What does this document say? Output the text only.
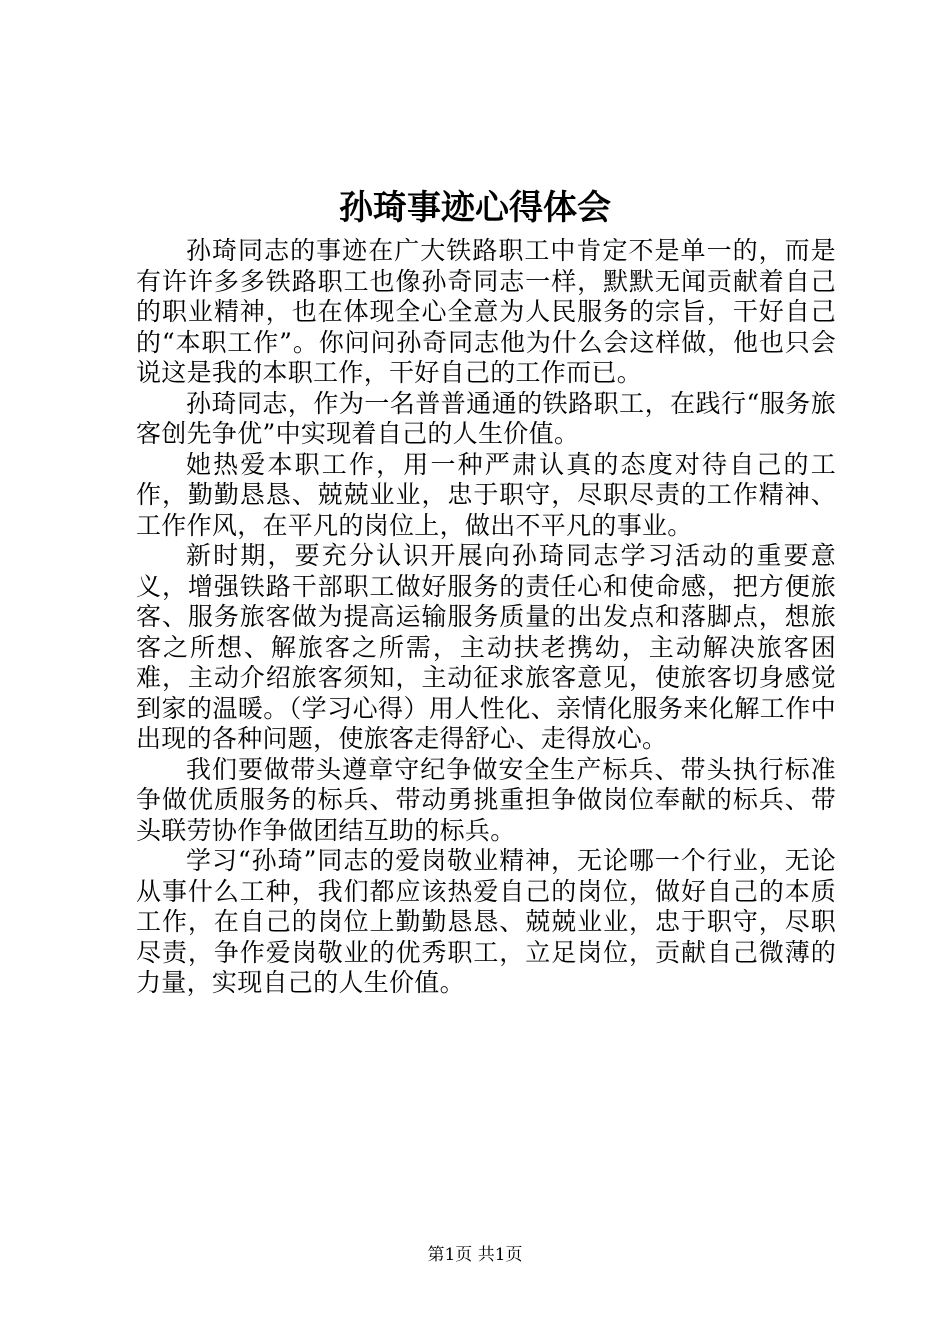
孙琦事迹心得体会

孙琦同志的事迹在广大铁路职工中肯定不是单一的，而是有许许多多铁路职工也像孙奇同志一样，默默无闻贡献着自己的职业精神，也在体现全心全意为人民服务的宗旨，干好自己的“本职工作”。你问问孙奇同志他为什么会这样做，他也只会说这是我的本职工作，干好自己的工作而已。

孙琦同志，作为一名普普通通的铁路职工，在践行“服务旅客创先争优”中实现着自己的人生价值。

她热爱本职工作，用一种严肃认真的态度对待自己的工作，勤勤恳恳、兢兢业业，忠于职守，尽职尽责的工作精神、工作作风，在平凡的岗位上，做出不平凡的事业。

新时期，要充分认识开展向孙琦同志学习活动的重要意义，增强铁路干部职工做好服务的责任心和使命感，把方便旅客、服务旅客做为提高运输服务质量的出发点和落脚点，想旅客之所想、解旅客之所需，主动扶老携幼，主动解决旅客困难，主动介绍旅客须知，主动征求旅客意见，使旅客切身感觉到家的温暖。（学习心得）用人性化、亲情化服务来化解工作中出现的各种问题，使旅客走得舒心、走得放心。

我们要做带头遵章守纪争做安全生产标兵、带头执行标准争做优质服务的标兵、带动勇挑重担争做岗位奉献的标兵、带头联劳协作争做团结互助的标兵。

学习“孙琦”同志的爱岗敬业精神，无论哪一个行业，无论从事什么工种，我们都应该热爱自己的岗位，做好自己的本质工作，在自己的岗位上勤勤恳恳、兢兢业业，忠于职守，尽职尽责，争作爱岗敬业的优秀职工，立足岗位，贡献自己微薄的力量，实现自己的人生价值。

第1页 共1页
